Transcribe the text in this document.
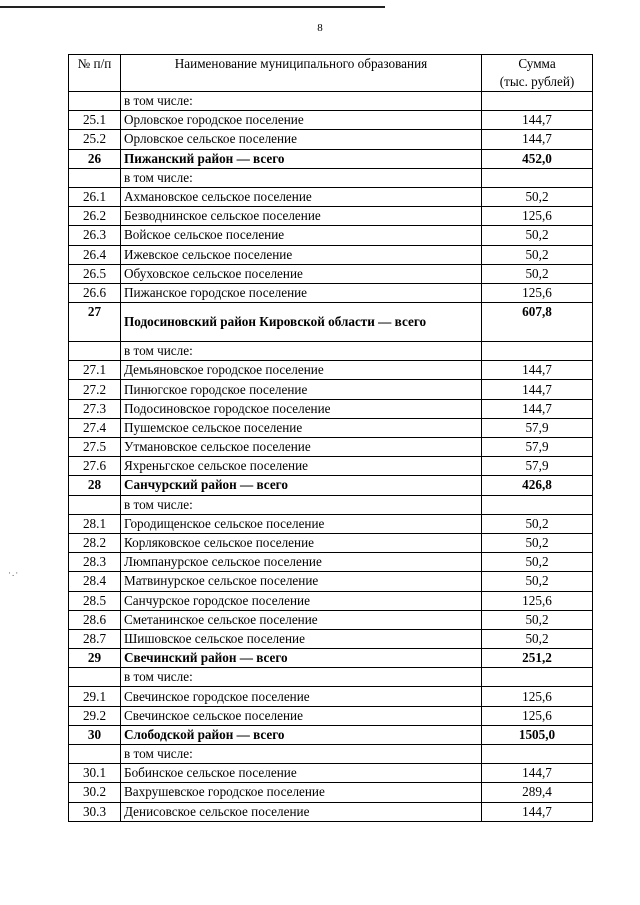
8
·.·
№ п/п	Наименование муниципального образования	Сумма
(тыс. рублей)

	в том числе:	
25.1	Орловское городское поселение	144,7
25.2	Орловское сельское поселение	144,7
26	Пижанский район — всего	452,0
	в том числе:	
26.1	Ахмановское сельское поселение	50,2
26.2	Безводнинское сельское поселение	125,6
26.3	Войское сельское поселение	50,2
26.4	Ижевское сельское поселение	50,2
26.5	Обуховское сельское поселение	50,2
26.6	Пижанское городское поселение	125,6
27	Подосиновский район Кировской области — всего	607,8
	в том числе:	
27.1	Демьяновское городское поселение	144,7
27.2	Пинюгское городское поселение	144,7
27.3	Подосиновское городское поселение	144,7
27.4	Пушемское сельское поселение	57,9
27.5	Утмановское сельское поселение	57,9
27.6	Яхреньгское сельское поселение	57,9
28	Санчурский район — всего	426,8
	в том числе:	
28.1	Городищенское сельское поселение	50,2
28.2	Корляковское сельское поселение	50,2
28.3	Люмпанурское сельское поселение	50,2
28.4	Матвинурское сельское поселение	50,2
28.5	Санчурское городское поселение	125,6
28.6	Сметанинское сельское поселение	50,2
28.7	Шишовское сельское поселение	50,2
29	Свечинский район — всего	251,2
	в том числе:	
29.1	Свечинское городское поселение	125,6
29.2	Свечинское сельское поселение	125,6
30	Слободской район — всего	1505,0
	в том числе:	
30.1	Бобинское сельское поселение	144,7
30.2	Вахрушевское городское поселение	289,4
30.3	Денисовское сельское поселение	144,7
